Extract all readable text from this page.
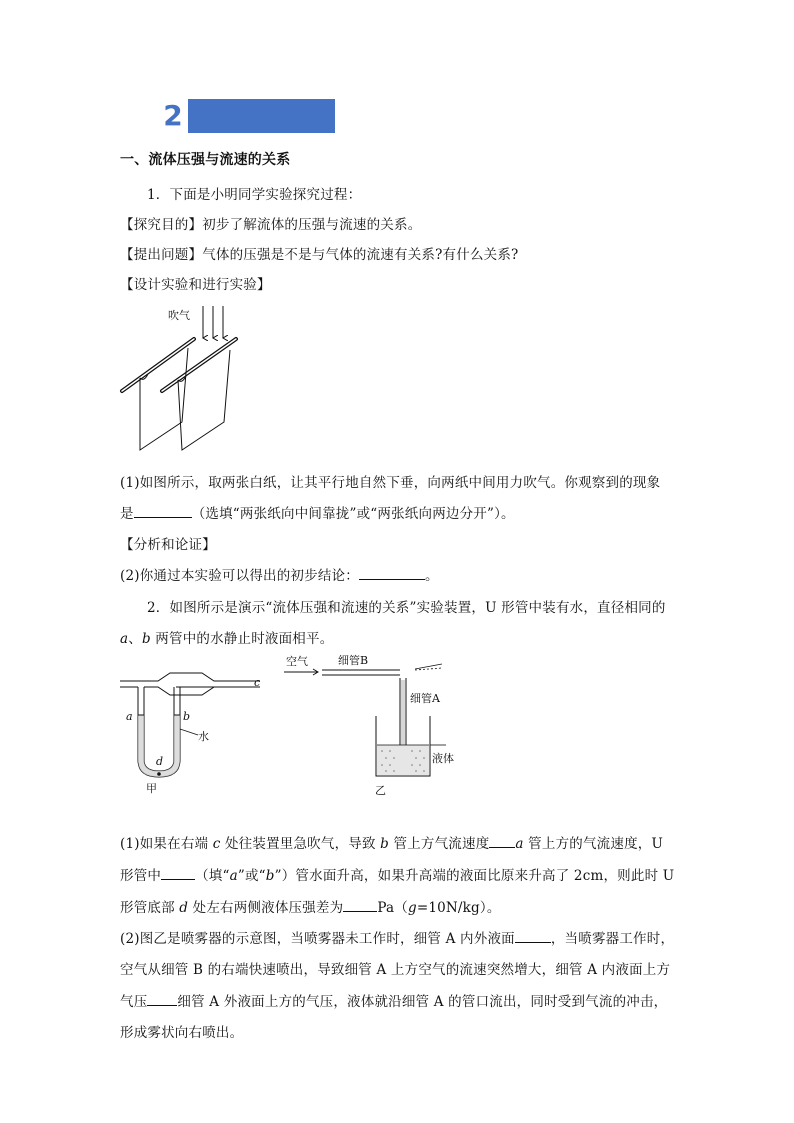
2
一、流体压强与流速的关系
1．下面是小明同学实验探究过程：
【探究目的】初步了解流体的压强与流速的关系。
【提出问题】气体的压强是不是与气体的流速有关系?有什么关系?
【设计实验和进行实验】
吹气
(1)如图所示，取两张白纸，让其平行地自然下垂，向两纸中间用力吹气。你观察到的现象
是	（选填“两张纸向中间靠拢”或“两张纸向两边分开”）。
【分析和论证】
(2)你通过本实验可以得出的初步结论：	。
2．如图所示是演示“流体压强和流速的关系”实验装置，U 形管中装有水，直径相同的
a、b 两管中的水静止时液面相平。
c
a	b
水
d
甲
空气	细管B
细管A
液体
乙
(1)如果在右端 c 处往装置里急吹气，导致 b 管上方气流速度 a 管上方的气流速度，U
形管中	（填“a”或“b”）管水面升高，如果升高端的液面比原来升高了 2cm，则此时 U
形管底部 d 处左右两侧液体压强差为	Pa（g=10N/kg）。
(2)图乙是喷雾器的示意图，当喷雾器未工作时，细管 A 内外液面	，当喷雾器工作时，
空气从细管 B 的右端快速喷出，导致细管 A 上方空气的流速突然增大，细管 A 内液面上方
气压 细管 A 外液面上方的气压，液体就沿细管 A 的管口流出，同时受到气流的冲击，
形成雾状向右喷出。
